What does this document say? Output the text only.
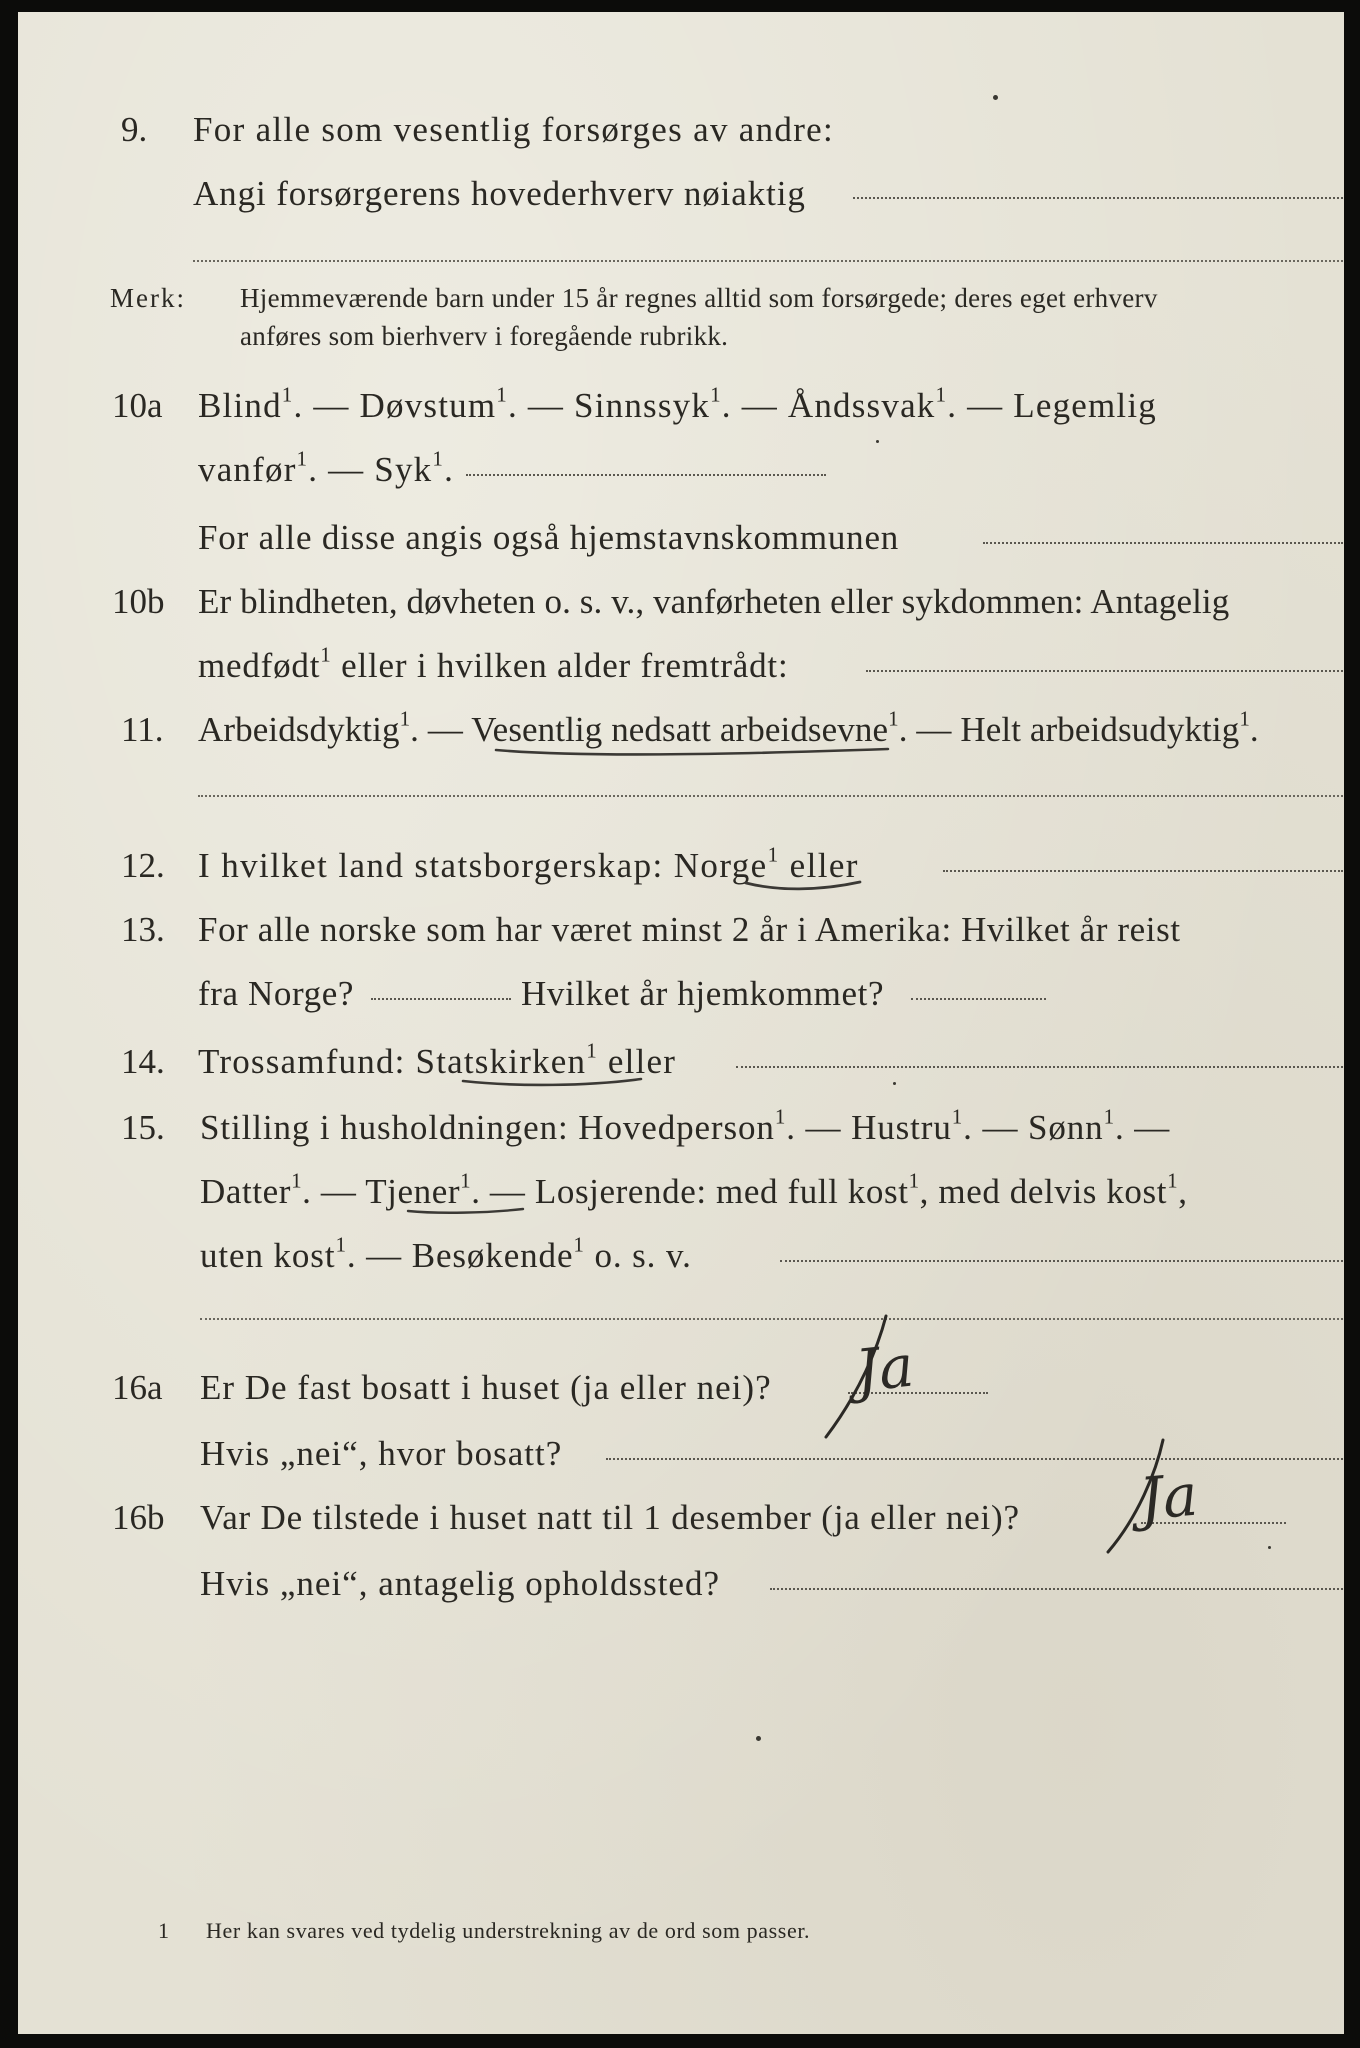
9. For alle som vesentlig forsørges av andre:
Angi forsørgerens hovederhverv nøiaktig
Merk: Hjemmeværende barn under 15 år regnes alltid som forsørgede; deres eget erhverv
anføres som bierhverv i foregående rubrikk.
10a Blind$^1$. — Døvstum$^1$. — Sinnssyk$^1$. — Åndssvak$^1$. — Legemlig
vanfør$^1$. — Syk$^1$.
For alle disse angis også hjemstavnskommunen
10b Er blindheten, døvheten o. s. v., vanførheten eller sykdommen: Antagelig
medfødt$^1$ eller i hvilken alder fremtrådt:
11. Arbeidsdyktig$^1$. — Vesentlig nedsatt arbeidsevne$^1$. — Helt arbeidsudyktig$^1$.
12. I hvilket land statsborgerskap: Norge$^1$ eller
13. For alle norske som har været minst 2 år i Amerika: Hvilket år reist
fra Norge?	Hvilket år hjemkommet?
14. Trossamfund: Statskirken$^1$ eller
15. Stilling i husholdningen: Hovedperson$^1$. — Hustru$^1$. — Sønn$^1$. —
Datter$^1$. — Tjener$^1$. — Losjerende: med full kost$^1$, med delvis kost$^1$,
uten kost$^1$. — Besøkende$^1$ o. s. v.
16a Er De fast bosatt i huset (ja eller nei)?
Hvis „nei“, hvor bosatt?
16b Var De tilstede i huset natt til 1 desember (ja eller nei)?
Hvis „nei“, antagelig opholdssted?
1 Her kan svares ved tydelig understrekning av de ord som passer.
Ja
Ja
